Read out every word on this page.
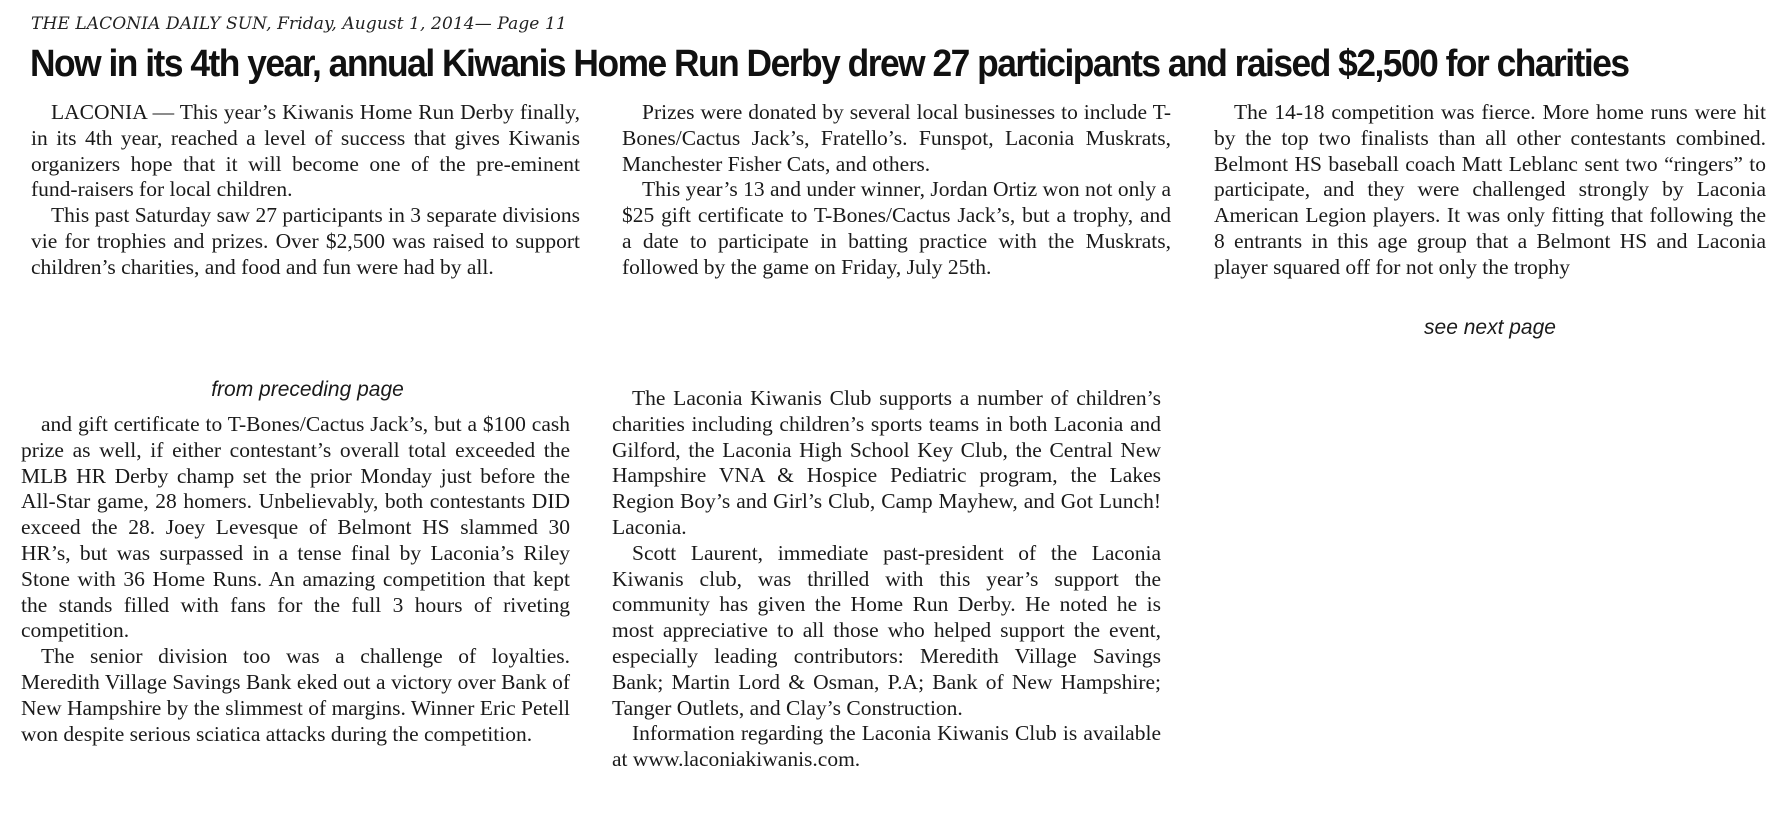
THE LACONIA DAILY SUN, Friday, August 1, 2014— Page 11
Now in its 4th year, annual Kiwanis Home Run Derby drew 27 participants and raised $2,500 for charities

LACONIA — This year’s Kiwanis Home Run Derby finally, in its 4th year, reached a level of success that gives Kiwanis organizers hope that it will become one of the pre-eminent fund-raisers for local children.

This past Saturday saw 27 participants in 3 separate divisions vie for trophies and prizes. Over $2,500 was raised to support children’s charities, and food and fun were had by all.

Prizes were donated by several local businesses to include T-Bones/Cactus Jack’s, Fratello’s. Funspot, Laconia Muskrats, Manchester Fisher Cats, and others.

This year’s 13 and under winner, Jordan Ortiz won not only a $25 gift certificate to T-Bones/Cactus Jack’s, but a trophy, and a date to participate in batting practice with the Muskrats, followed by the game on Friday, July 25th.

The 14-18 competition was fierce. More home runs were hit by the top two finalists than all other contestants combined. Belmont HS baseball coach Matt Leblanc sent two “ringers” to participate, and they were challenged strongly by Laconia American Legion players. It was only fitting that following the 8 entrants in this age group that a Belmont HS and Laconia player squared off for not only the trophy

see next page
from preceding page

and gift certificate to T-Bones/Cactus Jack’s, but a $100 cash prize as well, if either contestant’s overall total exceeded the MLB HR Derby champ set the prior Monday just before the All-Star game, 28 homers. Unbelievably, both contestants DID exceed the 28. Joey Levesque of Belmont HS slammed 30 HR’s, but was surpassed in a tense final by Laconia’s Riley Stone with 36 Home Runs. An amazing competition that kept the stands filled with fans for the full 3 hours of riveting competition.

The senior division too was a challenge of loyalties. Meredith Village Savings Bank eked out a victory over Bank of New Hampshire by the slimmest of margins. Winner Eric Petell won despite serious sciatica attacks during the competition.

The Laconia Kiwanis Club supports a number of children’s charities including children’s sports teams in both Laconia and Gilford, the Laconia High School Key Club, the Central New Hampshire VNA & Hospice Pediatric program, the Lakes Region Boy’s and Girl’s Club, Camp Mayhew, and Got Lunch! Laconia.

Scott Laurent, immediate past-president of the Laconia Kiwanis club, was thrilled with this year’s support the community has given the Home Run Derby. He noted he is most appreciative to all those who helped support the event, especially leading contributors: Meredith Village Savings Bank; Martin Lord & Osman, P.A; Bank of New Hampshire; Tanger Outlets, and Clay’s Construction.

Information regarding the Laconia Kiwanis Club is available at www.laconiakiwanis.com.
